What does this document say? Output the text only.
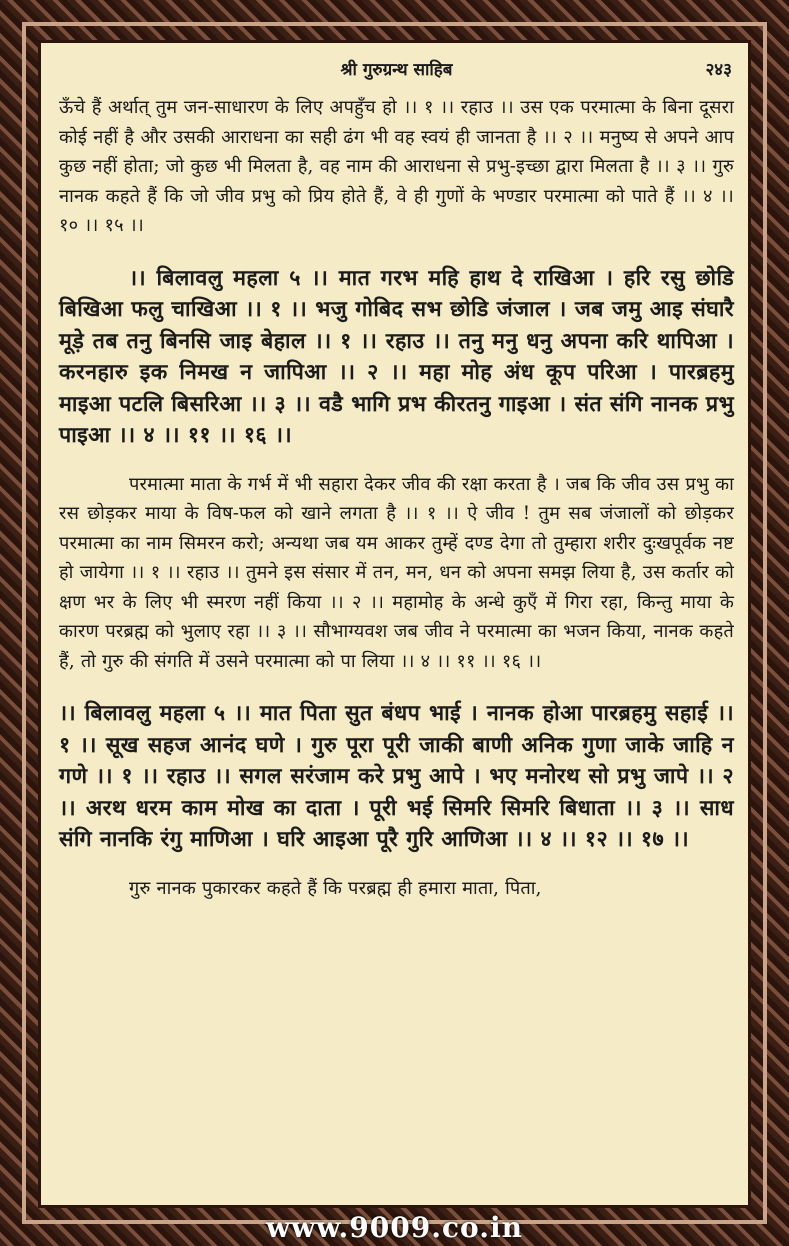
श्री गुरुग्रन्थ साहिब	२४३

ऊँचे हैं अर्थात् तुम जन-साधारण के लिए अपहुँच हो ।। १ ।। रहाउ ।। उस एक परमात्मा के बिना दूसरा कोई नहीं है और उसकी आराधना का सही ढंग भी वह स्वयं ही जानता है ।। २ ।। मनुष्य से अपने आप कुछ नहीं होता; जो कुछ भी मिलता है, वह नाम की आराधना से प्रभु-इच्छा द्वारा मिलता है ।। ३ ।। गुरु नानक कहते हैं कि जो जीव प्रभु को प्रिय होते हैं, वे ही गुणों के भण्डार परमात्मा को पाते हैं ।। ४ ।। १० ।। १५ ।।

।। बिलावलु महला ५ ।। मात गरभ महि हाथ दे राखिआ । हरि रसु छोडि बिखिआ फलु चाखिआ ।। १ ।। भजु गोबिद सभ छोडि जंजाल । जब जमु आइ संघारै मूड़े तब तनु बिनसि जाइ बेहाल ।। १ ।। रहाउ ।। तनु मनु धनु अपना करि थापिआ । करनहारु इक निमख न जापिआ ।। २ ।। महा मोह अंध कूप परिआ । पारब्रहमु माइआ पटलि बिसरिआ ।। ३ ।। वडै भागि प्रभ कीरतनु गाइआ । संत संगि नानक प्रभु पाइआ ।। ४ ।। ११ ।। १६ ।।

परमात्मा माता के गर्भ में भी सहारा देकर जीव की रक्षा करता है । जब कि जीव उस प्रभु का रस छोड़कर माया के विष-फल को खाने लगता है ।। १ ।। ऐ जीव ! तुम सब जंजालों को छोड़कर परमात्मा का नाम सिमरन करो; अन्यथा जब यम आकर तुम्हें दण्ड देगा तो तुम्हारा शरीर दुःखपूर्वक नष्ट हो जायेगा ।। १ ।। रहाउ ।। तुमने इस संसार में तन, मन, धन को अपना समझ लिया है, उस कर्तार को क्षण भर के लिए भी स्मरण नहीं किया ।। २ ।। महामोह के अन्धे कुएँ में गिरा रहा, किन्तु माया के कारण परब्रह्म को भुलाए रहा ।। ३ ।। सौभाग्यवश जब जीव ने परमात्मा का भजन किया, नानक कहते हैं, तो गुरु की संगति में उसने परमात्मा को पा लिया ।। ४ ।। ११ ।। १६ ।।

।। बिलावलु महला ५ ।। मात पिता सुत बंधप भाई । नानक होआ पारब्रहमु सहाई ।। १ ।। सूख सहज आनंद घणे । गुरु पूरा पूरी जाकी बाणी अनिक गुणा जाके जाहि न गणे ।। १ ।। रहाउ ।। सगल सरंजाम करे प्रभु आपे । भए मनोरथ सो प्रभु जापे ।। २ ।। अरथ धरम काम मोख का दाता । पूरी भई सिमरि सिमरि बिधाता ।। ३ ।। साध संगि नानकि रंगु माणिआ । घरि आइआ पूरै गुरि आणिआ ।। ४ ।। १२ ।। १७ ।।

गुरु नानक पुकारकर कहते हैं कि परब्रह्म ही हमारा माता, पिता,

www.9009.co.in
